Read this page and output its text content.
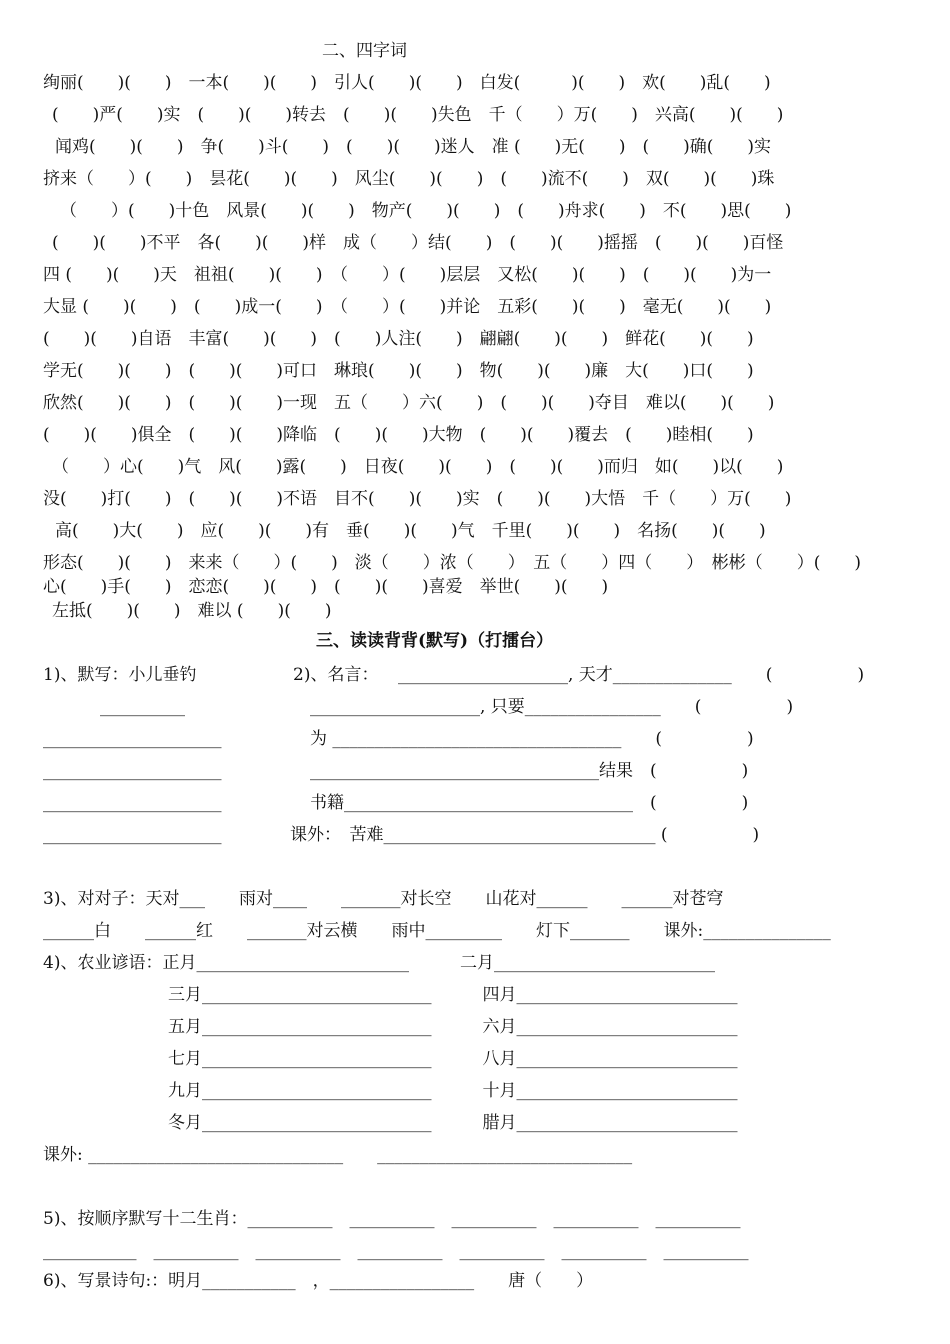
二、四字词
绚丽(　　)(　　)　一本(　　)(　　)　引人(　　)(　　)　白发(　　　)(　　)　欢(　　)乱(　　)
(　　)严(　　)实　(　　)(　　)转去　(　　)(　　)失色　千（　　）万(　　)　兴高(　　)(　　)
闻鸡(　　)(　　)　争(　　)斗(　　)　(　　)(　　)迷人　准 (　　)无(　　)　(　　)确(　　)实
挤来（　　）(　　)　昙花(　　)(　　)　风尘(　　)(　　)　(　　)流不(　　)　双(　　)(　　)珠
（　　）(　　)十色　风景(　　)(　　)　物产(　　)(　　)　(　　)舟求(　　)　不(　　)思(　　)
(　　)(　　)不平　各(　　)(　　)样　成（　　）结(　　)　(　　)(　　)摇摇　(　　)(　　)百怪
四 (　　)(　　)天　祖祖(　　)(　　)　（　　）(　　)层层　又松(　　)(　　)　(　　)(　　)为一
大显 (　　)(　　)　(　　)成一(　　)　（　　）(　　)并论　五彩(　　)(　　)　毫无(　　)(　　)
(　　)(　　)自语　丰富(　　)(　　)　(　　)人注(　　)　翩翩(　　)(　　)　鲜花(　　)(　　)
学无(　　)(　　)　(　　)(　　)可口　琳琅(　　)(　　)　物(　　)(　　)廉　大(　　)口(　　)
欣然(　　)(　　)　(　　)(　　)一现　五（　　）六(　　)　(　　)(　　)夺目　难以(　　)(　　)
(　　)(　　)俱全　(　　)(　　)降临　(　　)(　　)大物　(　　)(　　)覆去　(　　)睦相(　　)
（　　）心(　　)气　风(　　)露(　　)　日夜(　　)(　　)　(　　)(　　)而归　如(　　)以(　　)
没(　　)打(　　)　(　　)(　　)不语　目不(　　)(　　)实　(　　)(　　)大悟　千（　　）万(　　)
高(　　)大(　　)　应(　　)(　　)有　垂(　　)(　　)气　千里(　　)(　　)　名扬(　　)(　　)
形态(　　)(　　)　来来（　　）(　　)　淡（　　）浓（　　）　五（　　）四（　　）　彬彬（　　）(　　)
心(　　)手(　　)　恋恋(　　)(　　)　(　　)(　　)喜爱　举世(　　)(　　)
左抵(　　)(　　)　难以 (　　)(　　)
三、读读背背(默写)（打擂台）
1)、默写：小儿垂钓
__________
_____________________
_____________________
_____________________
_____________________
2)、名言： ____________________, 天才______________　　(　　　　　)
____________________, 只要________________　　(　　　　　)
为 __________________________________　　(　　　　　)
__________________________________结果　(　　　　　)
书籍__________________________________　(　　　　　)
课外：　苦难________________________________ (　　　　　)
3)、对对子：天对___　　雨对____　　_______对长空　　山花对______　　______对苍穹
______白　　______红　　_______对云横　　雨中_________　　灯下_______　　课外:_______________
4)、农业谚语：正月_________________________　　　二月__________________________
三月___________________________　　　四月__________________________
五月___________________________　　　六月__________________________
七月___________________________　　　八月__________________________
九月___________________________　　　十月__________________________
冬月___________________________　　　腊月__________________________
课外: ______________________________　　______________________________
5)、按顺序默写十二生肖：__________　__________　__________　__________　__________
___________　__________　__________　__________　__________　__________　__________
6)、写景诗句:：明月___________　，_________________　　唐（　　）
